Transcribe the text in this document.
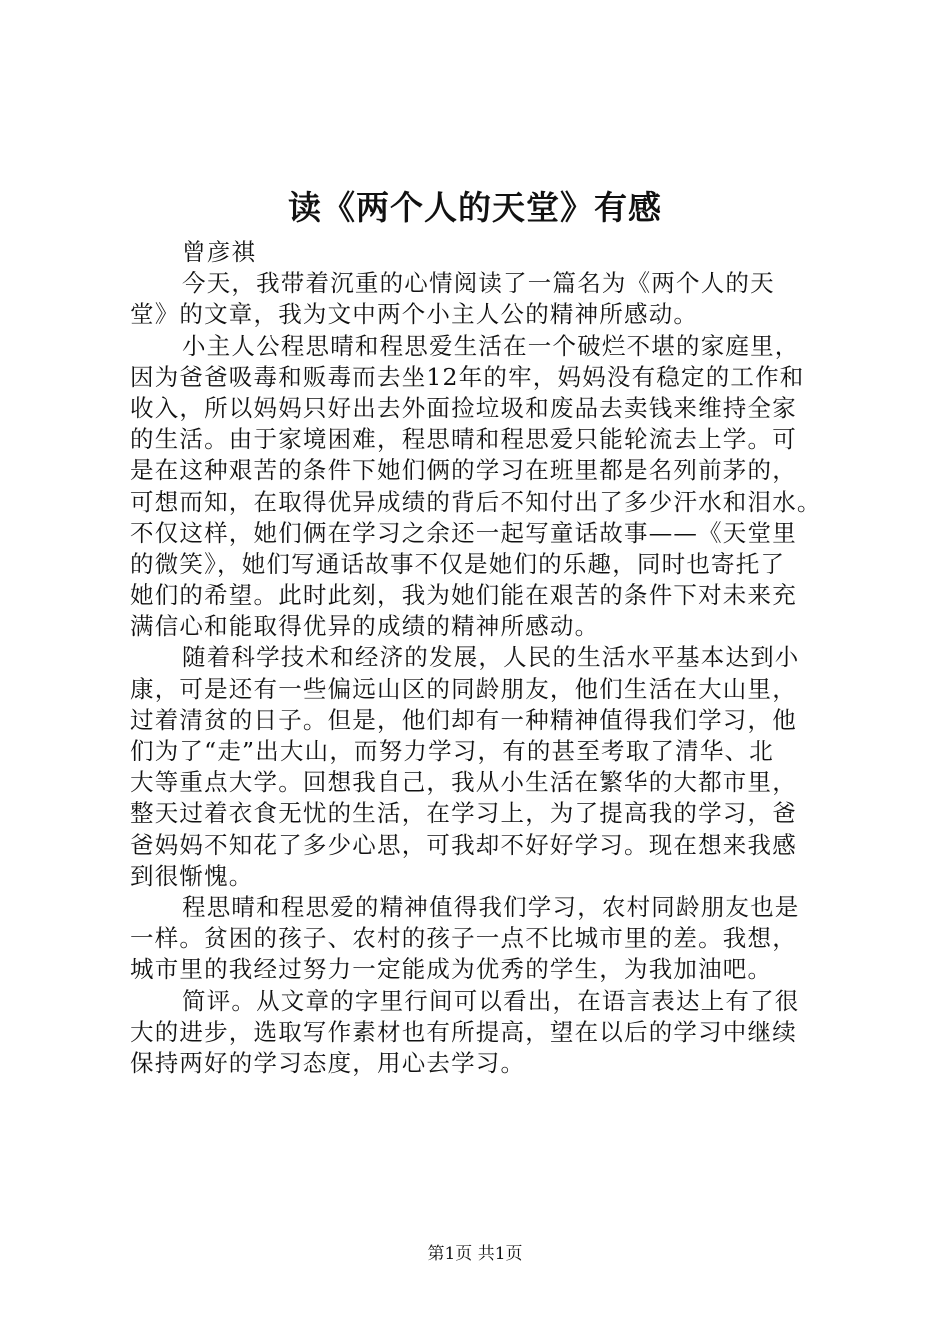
读《两个人的天堂》有感
曾彦祺
今天，我带着沉重的心情阅读了一篇名为《两个人的天
堂》的文章，我为文中两个小主人公的精神所感动。
小主人公程思晴和程思爱生活在一个破烂不堪的家庭里，
因为爸爸吸毒和贩毒而去坐12年的牢，妈妈没有稳定的工作和
收入，所以妈妈只好出去外面捡垃圾和废品去卖钱来维持全家
的生活。由于家境困难，程思晴和程思爱只能轮流去上学。可
是在这种艰苦的条件下她们俩的学习在班里都是名列前茅的，
可想而知，在取得优异成绩的背后不知付出了多少汗水和泪水。
不仅这样，她们俩在学习之余还一起写童话故事——《天堂里
的微笑》，她们写通话故事不仅是她们的乐趣，同时也寄托了
她们的希望。此时此刻，我为她们能在艰苦的条件下对未来充
满信心和能取得优异的成绩的精神所感动。
随着科学技术和经济的发展，人民的生活水平基本达到小
康，可是还有一些偏远山区的同龄朋友，他们生活在大山里，
过着清贫的日子。但是，他们却有一种精神值得我们学习，他
们为了“走”出大山，而努力学习，有的甚至考取了清华、北
大等重点大学。回想我自己，我从小生活在繁华的大都市里，
整天过着衣食无忧的生活，在学习上，为了提高我的学习，爸
爸妈妈不知花了多少心思，可我却不好好学习。现在想来我感
到很惭愧。
程思晴和程思爱的精神值得我们学习，农村同龄朋友也是
一样。贫困的孩子、农村的孩子一点不比城市里的差。我想，
城市里的我经过努力一定能成为优秀的学生，为我加油吧。
简评。从文章的字里行间可以看出，在语言表达上有了很
大的进步，选取写作素材也有所提高，望在以后的学习中继续
保持两好的学习态度，用心去学习。
第1页 共1页
